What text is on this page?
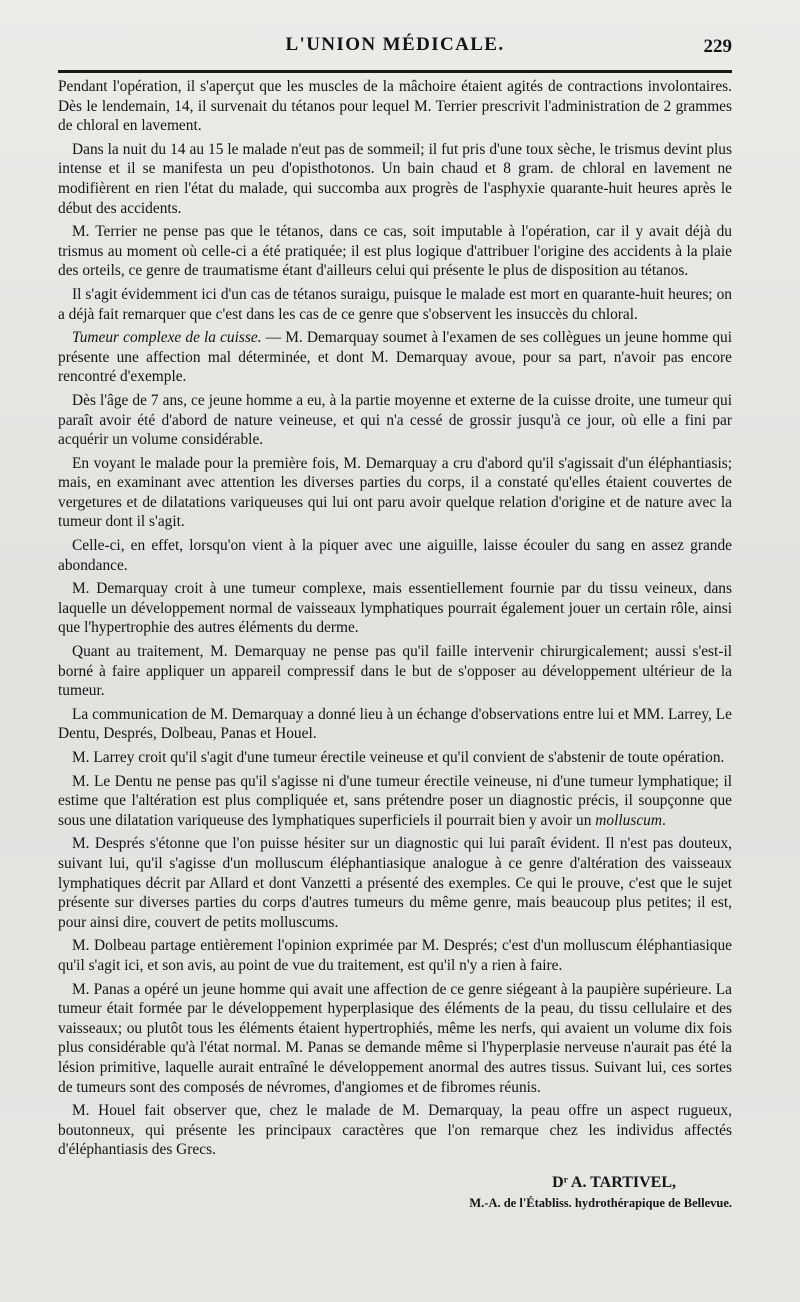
L'UNION MÉDICALE.	229

Pendant l'opération, il s'aperçut que les muscles de la mâchoire étaient agités de contractions involontaires. Dès le lendemain, 14, il survenait du tétanos pour lequel M. Terrier prescrivit l'administration de 2 grammes de chloral en lavement.

Dans la nuit du 14 au 15 le malade n'eut pas de sommeil; il fut pris d'une toux sèche, le trismus devint plus intense et il se manifesta un peu d'opisthotonos. Un bain chaud et 8 gram. de chloral en lavement ne modifièrent en rien l'état du malade, qui succomba aux progrès de l'asphyxie quarante-huit heures après le début des accidents.

M. Terrier ne pense pas que le tétanos, dans ce cas, soit imputable à l'opération, car il y avait déjà du trismus au moment où celle-ci a été pratiquée; il est plus logique d'attribuer l'origine des accidents à la plaie des orteils, ce genre de traumatisme étant d'ailleurs celui qui présente le plus de disposition au tétanos.

Il s'agit évidemment ici d'un cas de tétanos suraigu, puisque le malade est mort en quarante-huit heures; on a déjà fait remarquer que c'est dans les cas de ce genre que s'observent les insuccès du chloral.

Tumeur complexe de la cuisse. — M. Demarquay soumet à l'examen de ses collègues un jeune homme qui présente une affection mal déterminée, et dont M. Demarquay avoue, pour sa part, n'avoir pas encore rencontré d'exemple.

Dès l'âge de 7 ans, ce jeune homme a eu, à la partie moyenne et externe de la cuisse droite, une tumeur qui paraît avoir été d'abord de nature veineuse, et qui n'a cessé de grossir jusqu'à ce jour, où elle a fini par acquérir un volume considérable.

En voyant le malade pour la première fois, M. Demarquay a cru d'abord qu'il s'agissait d'un éléphantiasis; mais, en examinant avec attention les diverses parties du corps, il a constaté qu'elles étaient couvertes de vergetures et de dilatations variqueuses qui lui ont paru avoir quelque relation d'origine et de nature avec la tumeur dont il s'agit.

Celle-ci, en effet, lorsqu'on vient à la piquer avec une aiguille, laisse écouler du sang en assez grande abondance.

M. Demarquay croit à une tumeur complexe, mais essentiellement fournie par du tissu veineux, dans laquelle un développement normal de vaisseaux lymphatiques pourrait également jouer un certain rôle, ainsi que l'hypertrophie des autres éléments du derme.

Quant au traitement, M. Demarquay ne pense pas qu'il faille intervenir chirurgicalement; aussi s'est-il borné à faire appliquer un appareil compressif dans le but de s'opposer au développement ultérieur de la tumeur.

La communication de M. Demarquay a donné lieu à un échange d'observations entre lui et MM. Larrey, Le Dentu, Després, Dolbeau, Panas et Houel.

M. Larrey croit qu'il s'agit d'une tumeur érectile veineuse et qu'il convient de s'abstenir de toute opération.

M. Le Dentu ne pense pas qu'il s'agisse ni d'une tumeur érectile veineuse, ni d'une tumeur lymphatique; il estime que l'altération est plus compliquée et, sans prétendre poser un diagnostic précis, il soupçonne que sous une dilatation variqueuse des lymphatiques superficiels il pourrait bien y avoir un molluscum.

M. Després s'étonne que l'on puisse hésiter sur un diagnostic qui lui paraît évident. Il n'est pas douteux, suivant lui, qu'il s'agisse d'un molluscum éléphantiasique analogue à ce genre d'altération des vaisseaux lymphatiques décrit par Allard et dont Vanzetti a présenté des exemples. Ce qui le prouve, c'est que le sujet présente sur diverses parties du corps d'autres tumeurs du même genre, mais beaucoup plus petites; il est, pour ainsi dire, couvert de petits molluscums.

M. Dolbeau partage entièrement l'opinion exprimée par M. Després; c'est d'un molluscum éléphantiasique qu'il s'agit ici, et son avis, au point de vue du traitement, est qu'il n'y a rien à faire.

M. Panas a opéré un jeune homme qui avait une affection de ce genre siégeant à la paupière supérieure. La tumeur était formée par le développement hyperplasique des éléments de la peau, du tissu cellulaire et des vaisseaux; ou plutôt tous les éléments étaient hypertrophiés, même les nerfs, qui avaient un volume dix fois plus considérable qu'à l'état normal. M. Panas se demande même si l'hyperplasie nerveuse n'aurait pas été la lésion primitive, laquelle aurait entraîné le développement anormal des autres tissus. Suivant lui, ces sortes de tumeurs sont des composés de névromes, d'angiomes et de fibromes réunis.

M. Houel fait observer que, chez le malade de M. Demarquay, la peau offre un aspect rugueux, boutonneux, qui présente les principaux caractères que l'on remarque chez les individus affectés d'éléphantiasis des Grecs.

Dʳ A. TARTIVEL,
M.-A. de l'Établiss. hydrothérapique de Bellevue.
